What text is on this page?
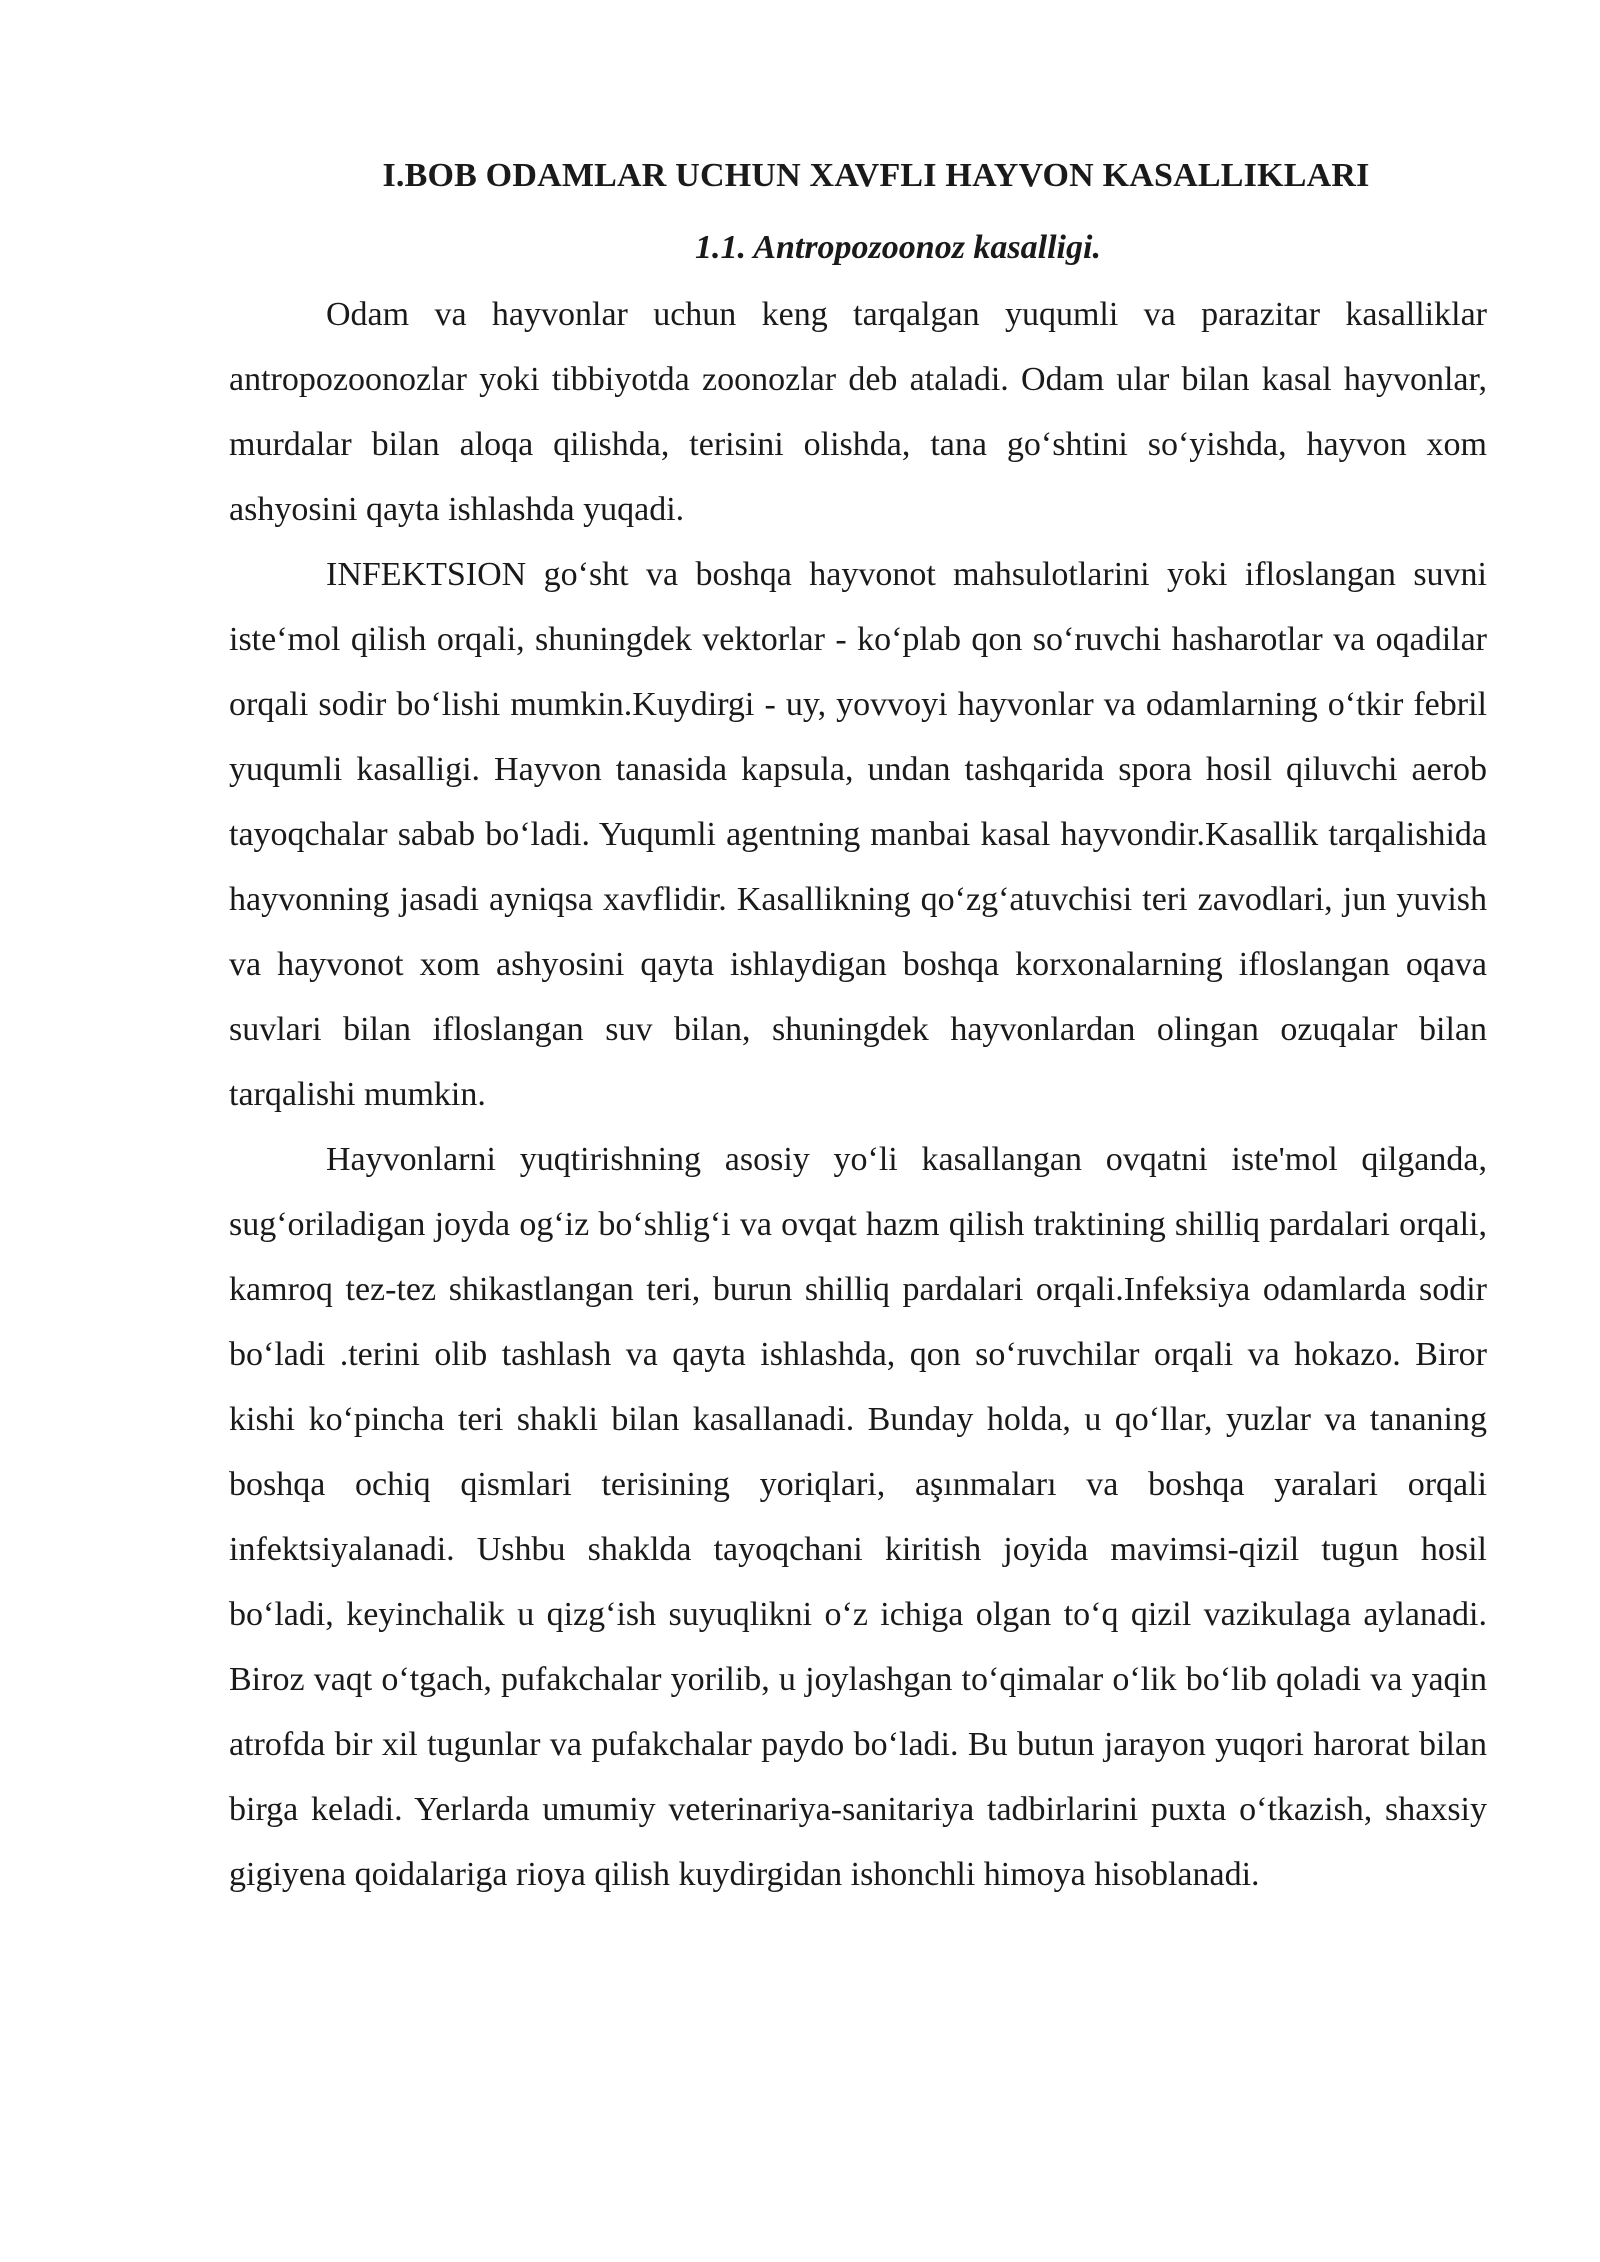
I.BOB ODAMLAR UCHUN XAVFLI HAYVON KASALLIKLARI
1.1. Antropozoonoz kasalligi.

Odam va hayvonlar uchun keng tarqalgan yuqumli va parazitar kasalliklar antropozoonozlar yoki tibbiyotda zoonozlar deb ataladi. Odam ular bilan kasal hayvonlar, murdalar bilan aloqa qilishda, terisini olishda, tana go‘shtini so‘yishda, hayvon xom ashyosini qayta ishlashda yuqadi.

INFEKTSION go‘sht va boshqa hayvonot mahsulotlarini yoki ifloslangan suvni iste‘mol qilish orqali, shuningdek vektorlar - ko‘plab qon so‘ruvchi hasharotlar va oqadilar orqali sodir bo‘lishi mumkin.Kuydirgi - uy, yovvoyi hayvonlar va odamlarning o‘tkir febril yuqumli kasalligi. Hayvon tanasida kapsula, undan tashqarida spora hosil qiluvchi aerob tayoqchalar sabab bo‘ladi. Yuqumli agentning manbai kasal hayvondir.Kasallik tarqalishida hayvonning jasadi ayniqsa xavflidir. Kasallikning qo‘zg‘atuvchisi teri zavodlari, jun yuvish va hayvonot xom ashyosini qayta ishlaydigan boshqa korxonalarning ifloslangan oqava suvlari bilan ifloslangan suv bilan, shuningdek hayvonlardan olingan ozuqalar bilan tarqalishi mumkin.

Hayvonlarni yuqtirishning asosiy yo‘li kasallangan ovqatni iste'mol qilganda, sug‘oriladigan joyda og‘iz bo‘shlig‘i va ovqat hazm qilish traktining shilliq pardalari orqali, kamroq tez-tez shikastlangan teri, burun shilliq pardalari orqali.Infeksiya odamlarda sodir bo‘ladi .terini olib tashlash va qayta ishlashda, qon so‘ruvchilar orqali va hokazo. Biror kishi ko‘pincha teri shakli bilan kasallanadi. Bunday holda, u qo‘llar, yuzlar va tananing boshqa ochiq qismlari terisining yoriqlari, aşınmaları va boshqa yaralari orqali infektsiyalanadi. Ushbu shaklda tayoqchani kiritish joyida mavimsi-qizil tugun hosil bo‘ladi, keyinchalik u qizg‘ish suyuqlikni o‘z ichiga olgan to‘q qizil vazikulaga aylanadi. Biroz vaqt o‘tgach, pufakchalar yorilib, u joylashgan to‘qimalar o‘lik bo‘lib qoladi va yaqin atrofda bir xil tugunlar va pufakchalar paydo bo‘ladi. Bu butun jarayon yuqori harorat bilan birga keladi. Yerlarda umumiy veterinariya-sanitariya tadbirlarini puxta o‘tkazish, shaxsiy gigiyena qoidalariga rioya qilish kuydirgidan ishonchli himoya hisoblanadi.
